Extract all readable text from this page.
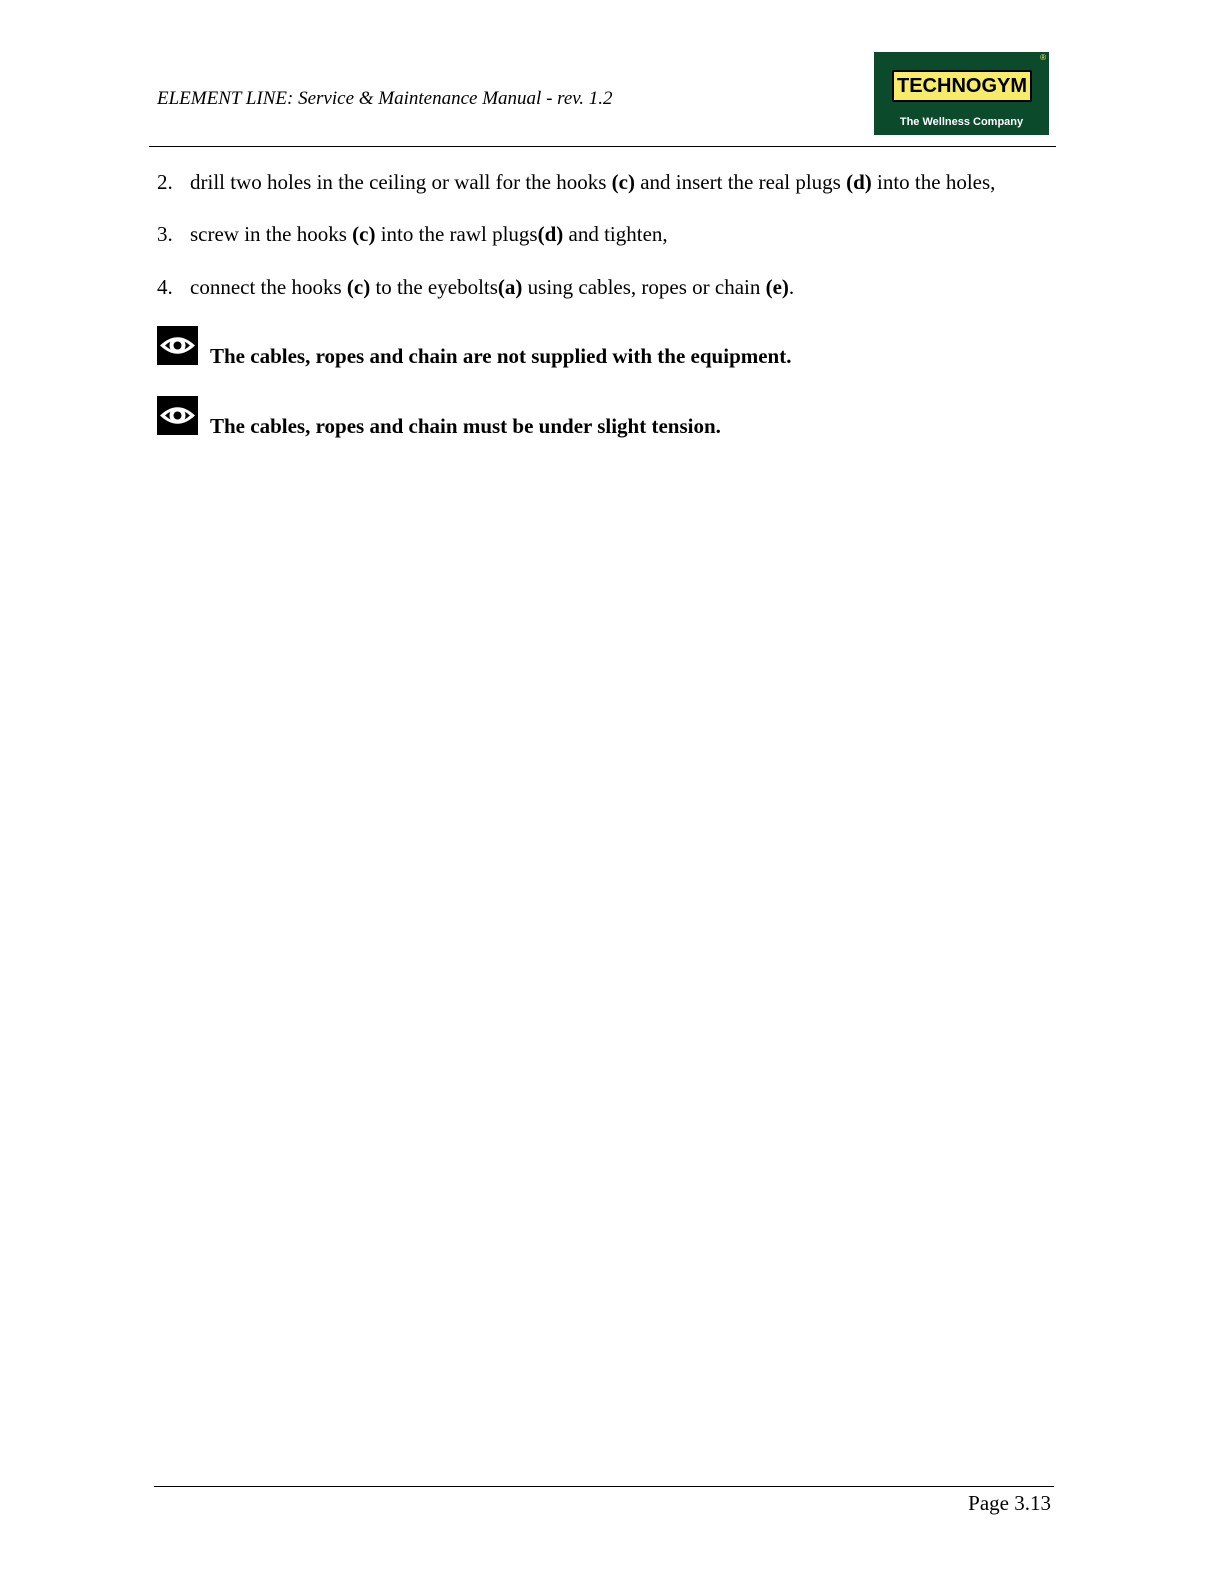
ELEMENT LINE: Service & Maintenance Manual - rev. 1.2
TECHNOGYM
®
The Wellness Company
2. drill two holes in the ceiling or wall for the hooks (c) and insert the real plugs (d) into the holes,
3. screw in the hooks (c) into the rawl plugs(d) and tighten,
4. connect the hooks (c) to the eyebolts(a) using cables, ropes or chain (e).
The cables, ropes and chain are not supplied with the equipment.
The cables, ropes and chain must be under slight tension.
Page 3.13
